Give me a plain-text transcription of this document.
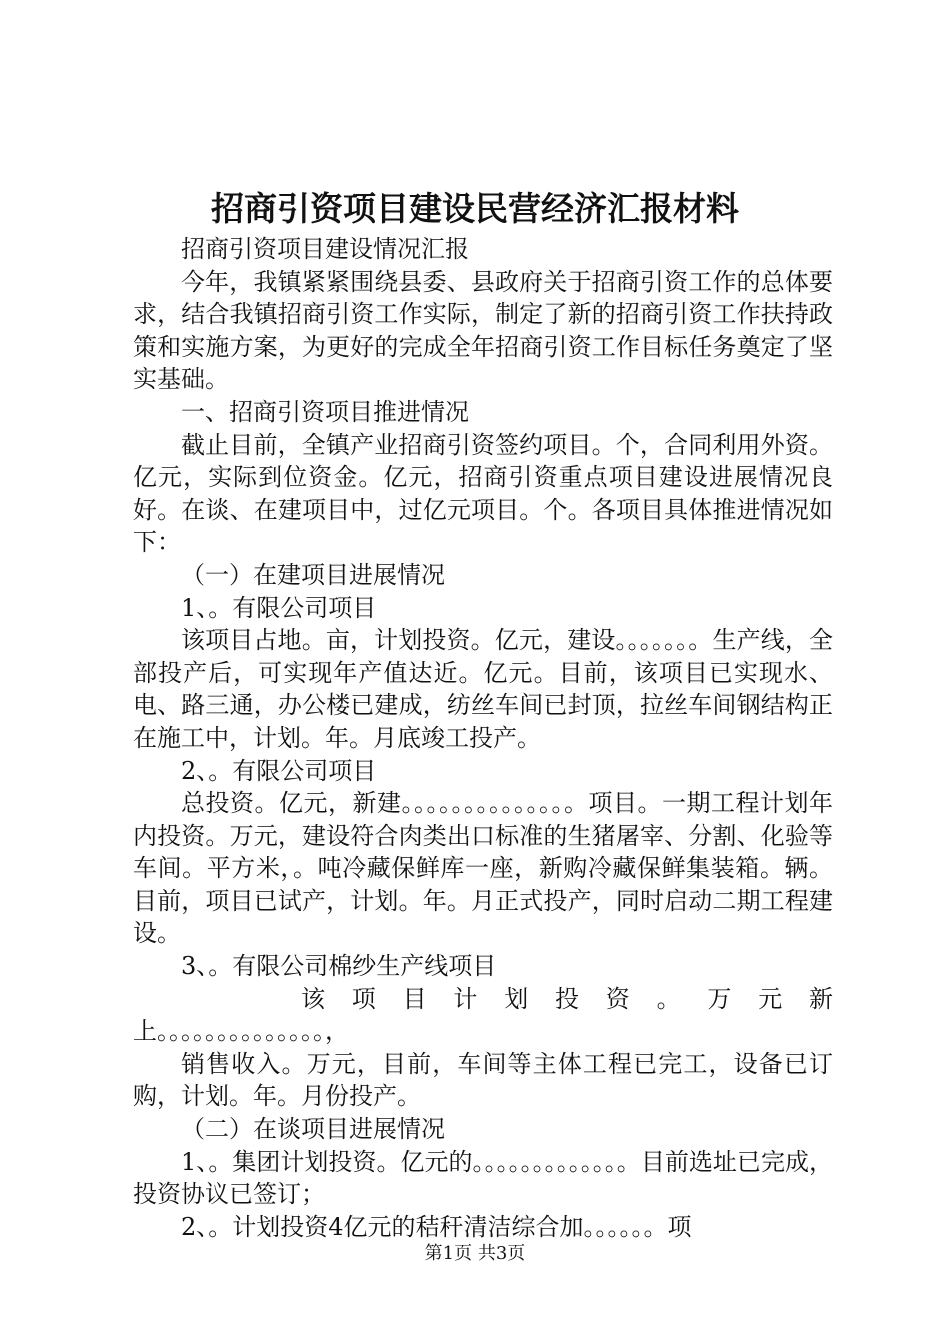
招商引资项目建设民营经济汇报材料

招商引资项目建设情况汇报

今年，我镇紧紧围绕县委、县政府关于招商引资工作的总体要求，结合我镇招商引资工作实际，制定了新的招商引资工作扶持政策和实施方案，为更好的完成全年招商引资工作目标任务奠定了坚实基础。

一、招商引资项目推进情况

截止目前，全镇产业招商引资签约项目。个，合同利用外资。亿元，实际到位资金。亿元，招商引资重点项目建设进展情况良好。在谈、在建项目中，过亿元项目。个。各项目具体推进情况如下：

（一）在建项目进展情况

1、。有限公司项目

该项目占地。亩，计划投资。亿元，建设。。。。。。。生产线，全部投产后，可实现年产值达近。亿元。目前，该项目已实现水、电、路三通，办公楼已建成，纺丝车间已封顶，拉丝车间钢结构正在施工中，计划。年。月底竣工投产。

2、。有限公司项目

总投资。亿元，新建。。。。。。。。。。。。。。项目。一期工程计划年内投资。万元，建设符合肉类出口标准的生猪屠宰、分割、化验等车间。平方米，。吨冷藏保鲜库一座，新购冷藏保鲜集装箱。辆。目前，项目已试产，计划。年。月正式投产，同时启动二期工程建设。

3、。有限公司棉纱生产线项目

该项目计划投资。万元新

上。。。。。。。。。。。。。。，

销售收入。万元，目前，车间等主体工程已完工，设备已订购，计划。年。月份投产。

（二）在谈项目进展情况

1、。集团计划投资。亿元的。。。。。。。。。。。。。目前选址已完成，投资协议已签订；

2、。计划投资4亿元的秸秆清洁综合加。。。。。。项

第1页 共3页
